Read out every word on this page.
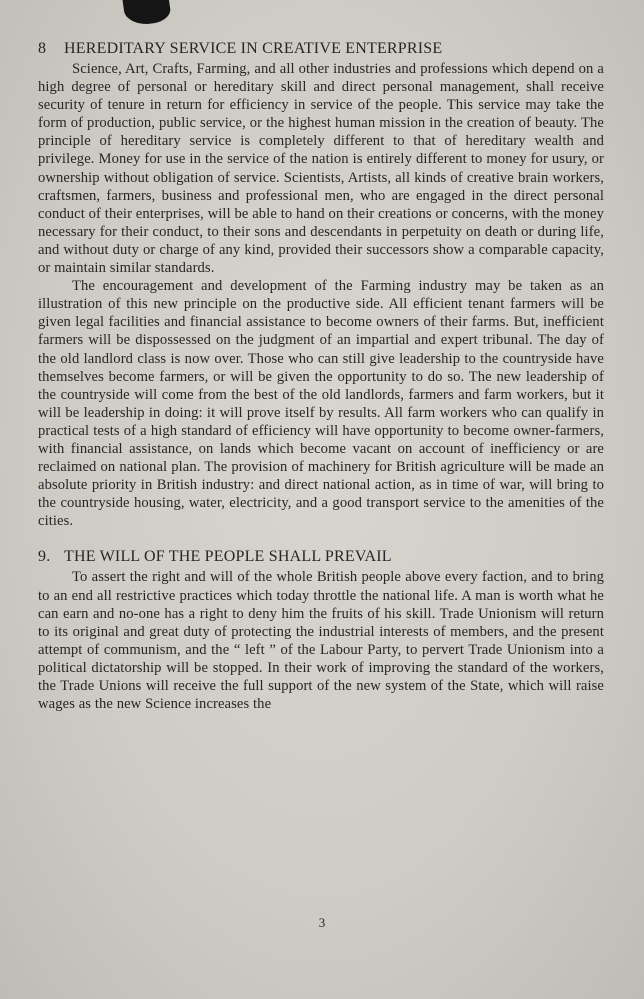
8 HEREDITARY SERVICE IN CREATIVE ENTERPRISE

Science, Art, Crafts, Farming, and all other industries and professions which depend on a high degree of personal or hereditary skill and direct personal management, shall receive security of tenure in return for efficiency in service of the people. This service may take the form of production, public service, or the highest human mission in the creation of beauty. The principle of hereditary service is completely different to that of hereditary wealth and privilege. Money for use in the service of the nation is entirely different to money for usury, or ownership without obligation of service. Scientists, Artists, all kinds of creative brain workers, craftsmen, farmers, business and professional men, who are engaged in the direct personal conduct of their enterprises, will be able to hand on their creations or concerns, with the money necessary for their conduct, to their sons and descendants in perpetuity on death or during life, and without duty or charge of any kind, provided their successors show a comparable capacity, or maintain similar standards.

The encouragement and development of the Farming industry may be taken as an illustration of this new principle on the productive side. All efficient tenant farmers will be given legal facilities and financial assistance to become owners of their farms. But, inefficient farmers will be dispossessed on the judgment of an impartial and expert tribunal. The day of the old landlord class is now over. Those who can still give leadership to the countryside have themselves become farmers, or will be given the opportunity to do so. The new leadership of the countryside will come from the best of the old landlords, farmers and farm workers, but it will be leadership in doing: it will prove itself by results. All farm workers who can qualify in practical tests of a high standard of efficiency will have opportunity to become owner-farmers, with financial assistance, on lands which become vacant on account of inefficiency or are reclaimed on national plan. The provision of machinery for British agriculture will be made an absolute priority in British industry: and direct national action, as in time of war, will bring to the countryside housing, water, electricity, and a good transport service to the amenities of the cities.

9. THE WILL OF THE PEOPLE SHALL PREVAIL

To assert the right and will of the whole British people above every faction, and to bring to an end all restrictive practices which today throttle the national life. A man is worth what he can earn and no-one has a right to deny him the fruits of his skill. Trade Unionism will return to its original and great duty of protecting the industrial interests of members, and the present attempt of communism, and the “ left ” of the Labour Party, to pervert Trade Unionism into a political dictatorship will be stopped. In their work of improving the standard of the workers, the Trade Unions will receive the full support of the new system of the State, which will raise wages as the new Science increases the

3
